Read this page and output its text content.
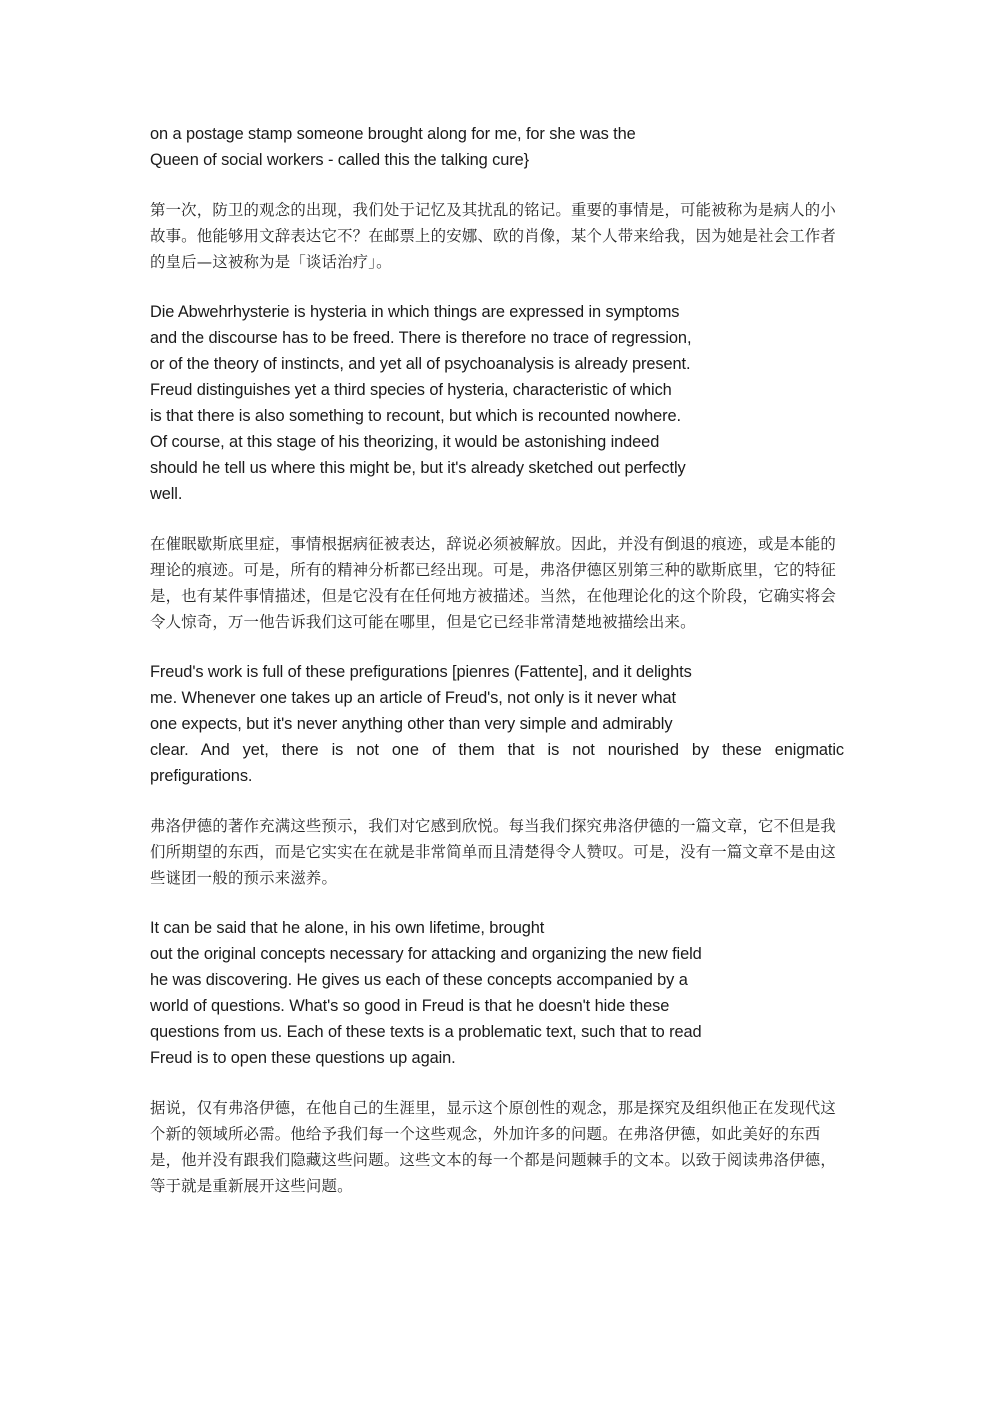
on a postage stamp someone brought along for me, for she was the
Queen of social workers - called this the talking cure}

第一次，防卫的观念的出现，我们处于记忆及其扰乱的铭记。重要的事情是，可能被称为是病人的小故事。他能够用文辞表达它不？在邮票上的安娜、欧的肖像，某个人带来给我，因为她是社会工作者的皇后—这被称为是「谈话治疗」。

Die Abwehrhysterie is hysteria in which things are expressed in symptoms
and the discourse has to be freed. There is therefore no trace of regression,
or of the theory of instincts, and yet all of psychoanalysis is already present.
Freud distinguishes yet a third species of hysteria, characteristic of which
is that there is also something to recount, but which is recounted nowhere.
Of course, at this stage of his theorizing, it would be astonishing indeed
should he tell us where this might be, but it's already sketched out perfectly
well.

在催眠歇斯底里症，事情根据病征被表达，辞说必须被解放。因此，并没有倒退的痕迹，或是本能的理论的痕迹。可是，所有的精神分析都已经出现。可是，弗洛伊德区别第三种的歇斯底里，它的特征是，也有某件事情描述，但是它没有在任何地方被描述。当然，在他理论化的这个阶段，它确实将会令人惊奇，万一他告诉我们这可能在哪里，但是它已经非常清楚地被描绘出来。

Freud's work is full of these prefigurations [pienres (Fattente], and it delights
me. Whenever one takes up an article of Freud's, not only is it never what
one expects, but it's never anything other than very simple and admirably

clear. And yet, there is not one of them that is not nourished by these enigmatic

prefigurations.

弗洛伊德的著作充满这些预示，我们对它感到欣悦。每当我们探究弗洛伊德的一篇文章，它不但是我们所期望的东西，而是它实实在在就是非常简单而且清楚得令人赞叹。可是，没有一篇文章不是由这些谜团一般的预示来滋养。

It can be said that he alone, in his own lifetime, brought
out the original concepts necessary for attacking and organizing the new field
he was discovering. He gives us each of these concepts accompanied by a
world of questions. What's so good in Freud is that he doesn't hide these
questions from us. Each of these texts is a problematic text, such that to read
Freud is to open these questions up again.

据说，仅有弗洛伊德，在他自己的生涯里，显示这个原创性的观念，那是探究及组织他正在发现代这个新的领域所必需。他给予我们每一个这些观念，外加许多的问题。在弗洛伊德，如此美好的东西是，他并没有跟我们隐藏这些问题。这些文本的每一个都是问题棘手的文本。以致于阅读弗洛伊德，等于就是重新展开这些问题。
